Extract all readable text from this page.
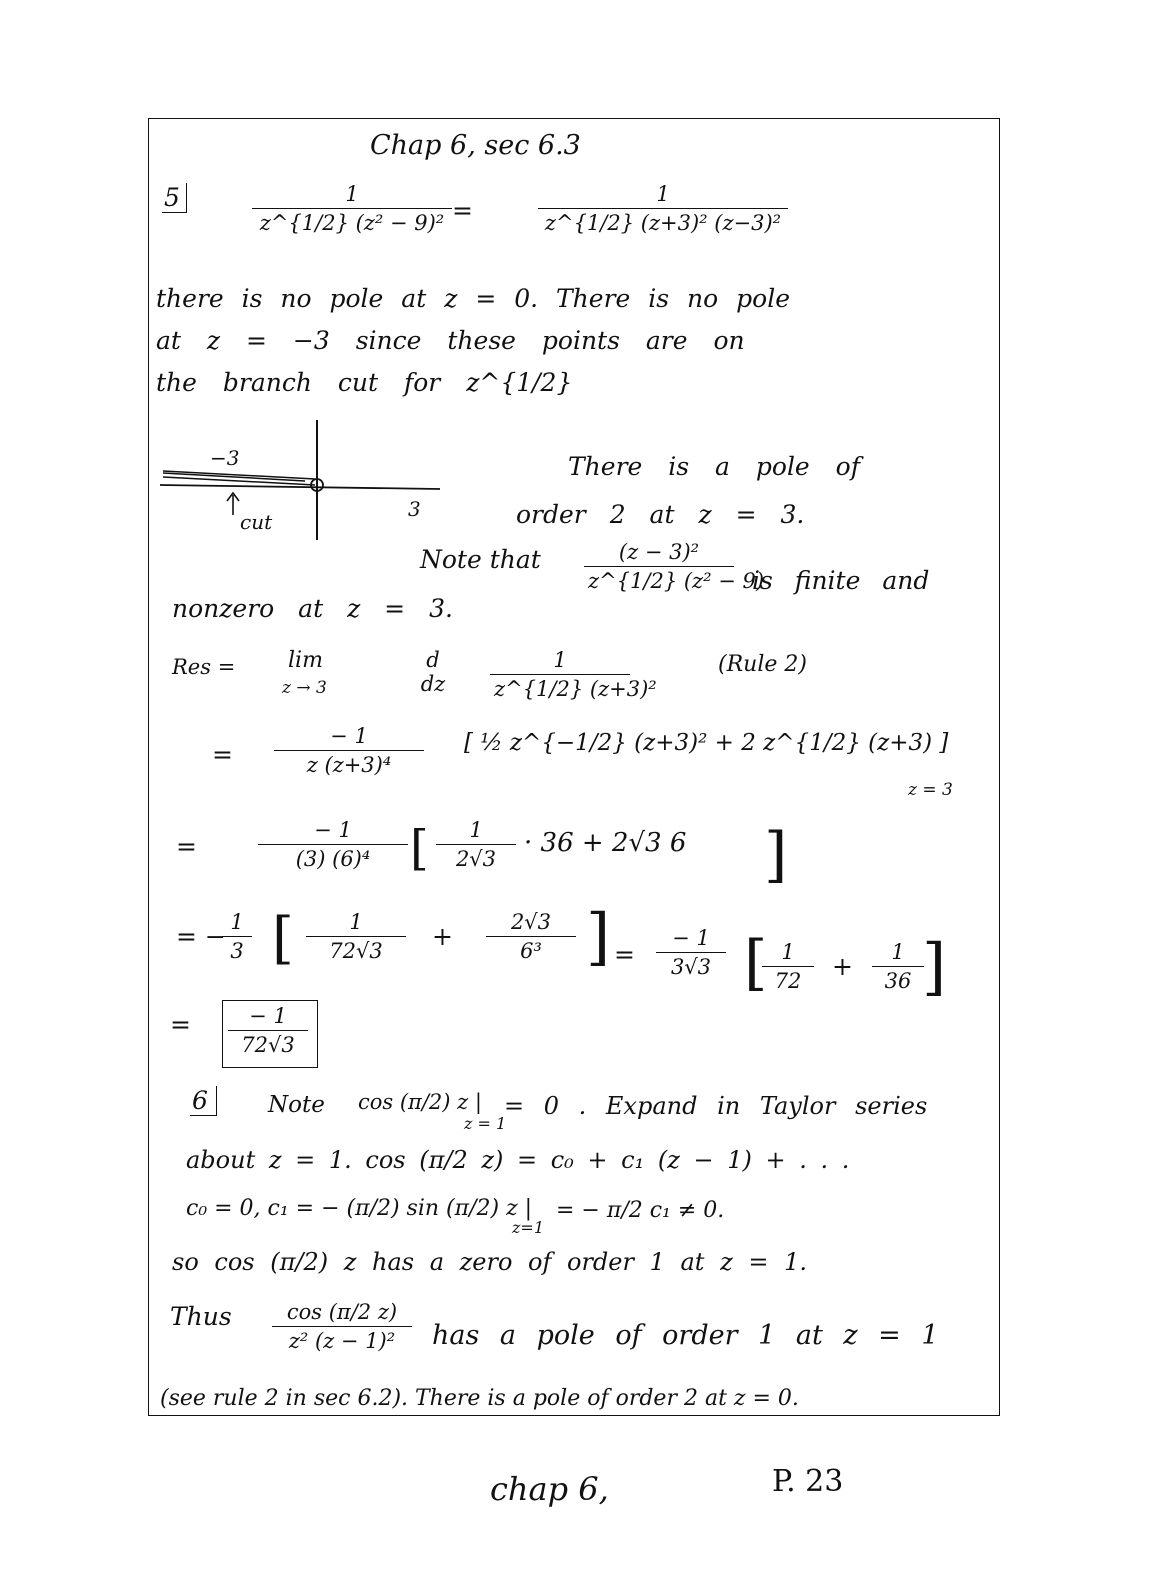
Chap 6, sec 6.3
5	1
z^{1/2} (z² − 9)² =
1
z^{1/2} (z+3)² (z−3)²
there is no pole at z = 0. There is no pole
at z = −3 since these points are on
the branch cut for z^{1/2}
−3
3
cut
There is a pole of
order 2 at z = 3.
Note that	(z − 3)²
z^{1/2} (z² − 9)
is finite and
nonzero at z = 3.
Res = lim
z → 3
d
dz
1
z^{1/2} (z+3)²
(Rule 2)
=
− 1
z (z+3)⁴
[ ½ z^{−1/2} (z+3)² + 2 z^{1/2} (z+3) ]
z = 3
=
− 1
(3) (6)⁴ [	1
2√3
· 36 + 2√3 6 ]
= − 1
3 [	1
72√3	+	2√3
6³ ] =
− 1
3√3 [ 1
72	+	1
36 ]
=	− 1
72√3
6	Note cos (π/2) z |
z = 1
= 0 . Expand in Taylor series
about z = 1. cos (π/2 z) = c₀ + c₁ (z − 1) + . . .
c₀ = 0, c₁ = − (π/2) sin (π/2) z |
z=1
= − π/2 c₁ ≠ 0.
so cos (π/2) z has a zero of order 1 at z = 1.
Thus	cos (π/2 z)
z² (z − 1)²	has a pole of order 1 at z = 1
(see rule 2 in sec 6.2). There is a pole of order 2 at z = 0.
chap 6,	P. 23
